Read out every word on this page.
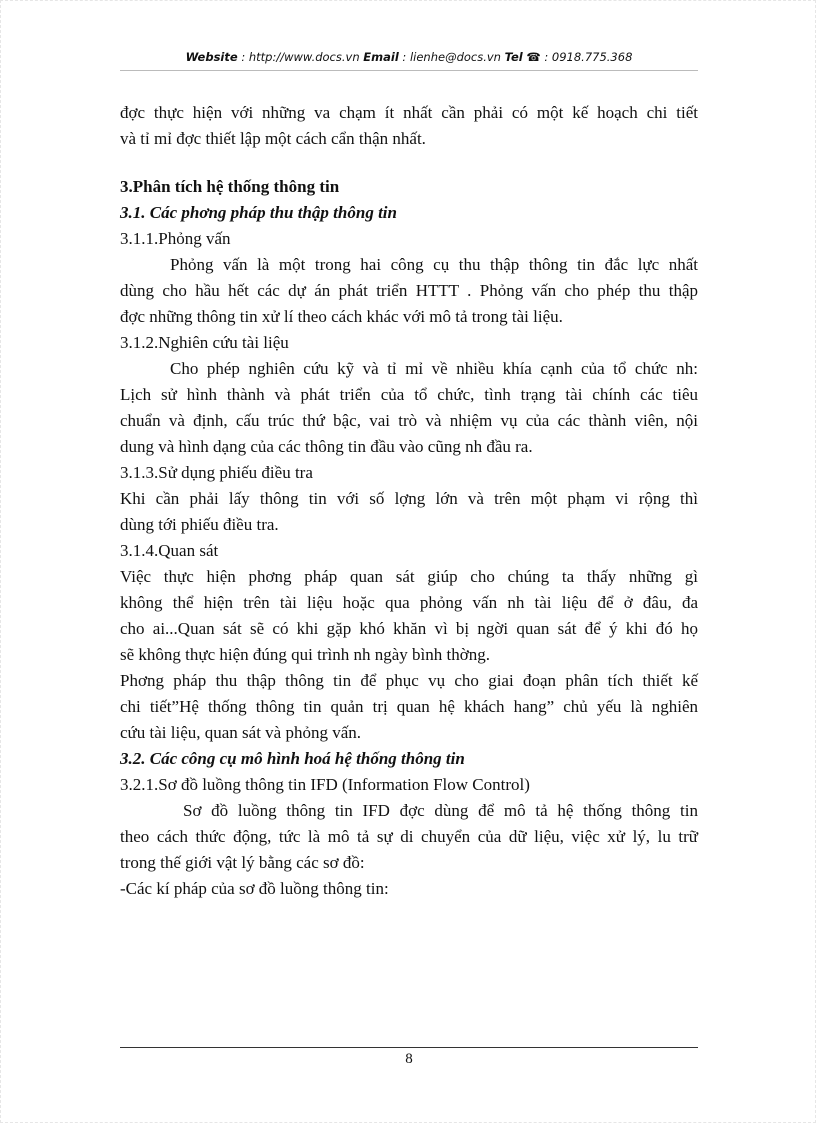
Website : http://www.docs.vn Email : lienhe@docs.vn Tel ☎ : 0918.775.368

đợc thực hiện với những va chạm ít nhất cần phải có một kế hoạch chi tiết

và tỉ mỉ đợc thiết lập một cách cẩn thận nhất.

3.Phân tích hệ thống thông tin

3.1. Các phơng pháp thu thập thông tin

3.1.1.Phỏng vấn

Phỏng vấn là một trong hai công cụ thu thập thông tin đắc lực nhất

dùng cho hầu hết các dự án phát triển HTTT . Phỏng vấn cho phép thu thập

đợc những thông tin xử lí theo cách khác với mô tả trong tài liệu.

3.1.2.Nghiên cứu tài liệu

Cho phép nghiên cứu kỹ và tỉ mỉ về nhiều khía cạnh của tổ chức nh:

Lịch sử hình thành và phát triển của tổ chức, tình trạng tài chính các tiêu

chuẩn và định, cấu trúc thứ bậc, vai trò và nhiệm vụ của các thành viên, nội

dung và hình dạng của các thông tin đầu vào cũng nh đầu ra.

3.1.3.Sử dụng phiếu điều tra

Khi cần phải lấy thông tin với số lợng lớn và trên một phạm vi rộng thì

dùng tới phiếu điều tra.

3.1.4.Quan sát

Việc thực hiện phơng pháp quan sát giúp cho chúng ta thấy những gì

không thể hiện trên tài liệu hoặc qua phỏng vấn nh tài liệu để ở đâu, đa

cho ai...Quan sát sẽ có khi gặp khó khăn vì bị ngời quan sát để ý khi đó họ

sẽ không thực hiện đúng qui trình nh ngày bình thờng.

Phơng pháp thu thập thông tin để phục vụ cho giai đoạn phân tích thiết kế

chi tiết”Hệ thống thông tin quản trị quan hệ khách hang” chủ yếu là nghiên

cứu tài liệu, quan sát và phỏng vấn.

3.2. Các công cụ mô hình hoá hệ thống thông tin

3.2.1.Sơ đồ luồng thông tin IFD (Information Flow Control)

Sơ đồ luồng thông tin IFD đợc dùng để mô tả hệ thống thông tin

theo cách thức động, tức là mô tả sự di chuyển của dữ liệu, việc xử lý, lu trữ

trong thế giới vật lý bằng các sơ đồ:

-Các kí pháp của sơ đồ luồng thông tin:

8
